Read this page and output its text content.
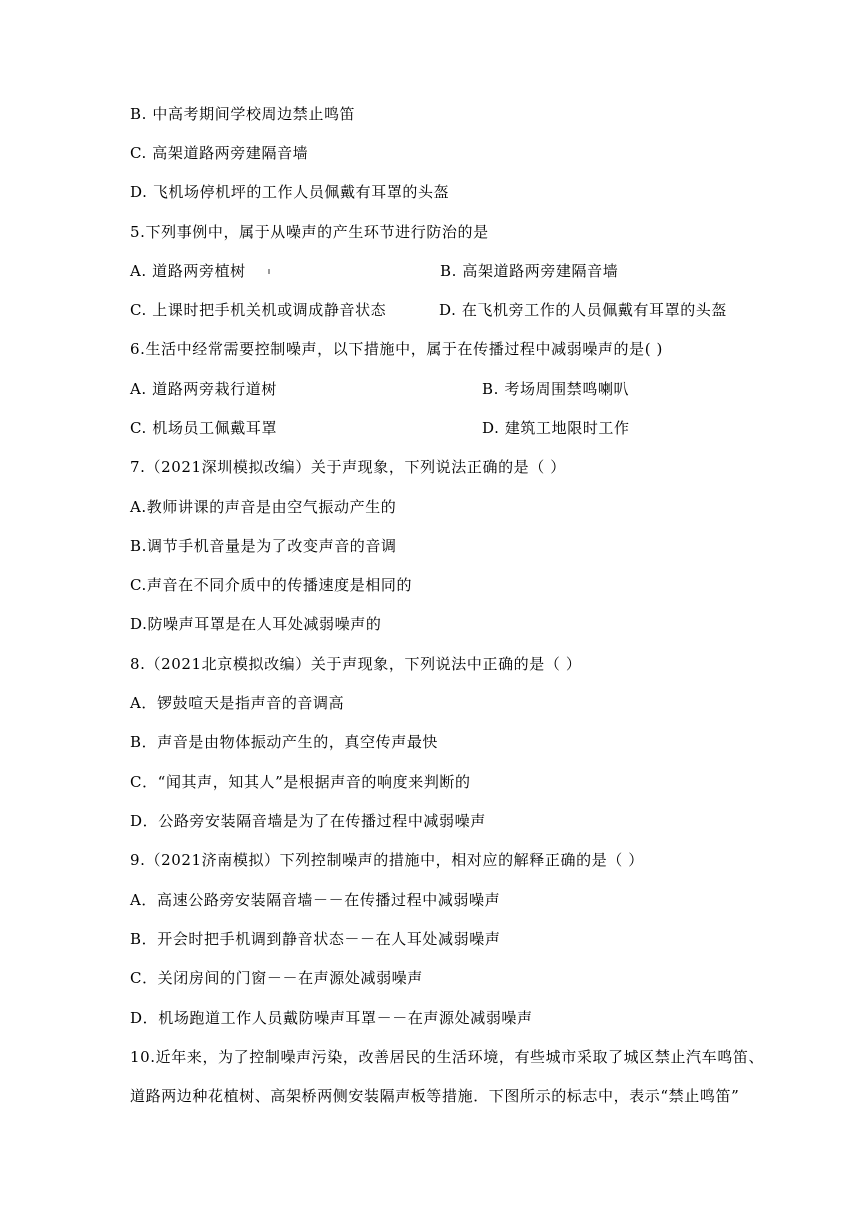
B. 中高考期间学校周边禁止鸣笛
C. 高架道路两旁建隔音墙
D. 飞机场停机坪的工作人员佩戴有耳罩的头盔
5.下列事例中，属于从噪声的产生环节进行防治的是
A. 道路两旁植树	B. 高架道路两旁建隔音墙
C. 上课时把手机关机或调成静音状态	D. 在飞机旁工作的人员佩戴有耳罩的头盔
6.生活中经常需要控制噪声，以下措施中，属于在传播过程中减弱噪声的是( )
A. 道路两旁栽行道树	B. 考场周围禁鸣喇叭
C. 机场员工佩戴耳罩	D. 建筑工地限时工作
7.（2021深圳模拟改编）关于声现象，下列说法正确的是（ ）
A.教师讲课的声音是由空气振动产生的
B.调节手机音量是为了改变声音的音调
C.声音在不同介质中的传播速度是相同的
D.防噪声耳罩是在人耳处减弱噪声的
8.（2021北京模拟改编）关于声现象，下列说法中正确的是（ ）
A．锣鼓喧天是指声音的音调高
B．声音是由物体振动产生的，真空传声最快
C．“闻其声，知其人”是根据声音的响度来判断的
D．公路旁安装隔音墙是为了在传播过程中减弱噪声
9.（2021济南模拟）下列控制噪声的措施中，相对应的解释正确的是（ ）
A．高速公路旁安装隔音墙－－在传播过程中减弱噪声
B．开会时把手机调到静音状态－－在人耳处减弱噪声
C．关闭房间的门窗－－在声源处减弱噪声
D．机场跑道工作人员戴防噪声耳罩－－在声源处减弱噪声
10.近年来，为了控制噪声污染，改善居民的生活环境，有些城市采取了城区禁止汽车鸣笛、
道路两边种花植树、高架桥两侧安装隔声板等措施．下图所示的标志中，表示“禁止鸣笛”
